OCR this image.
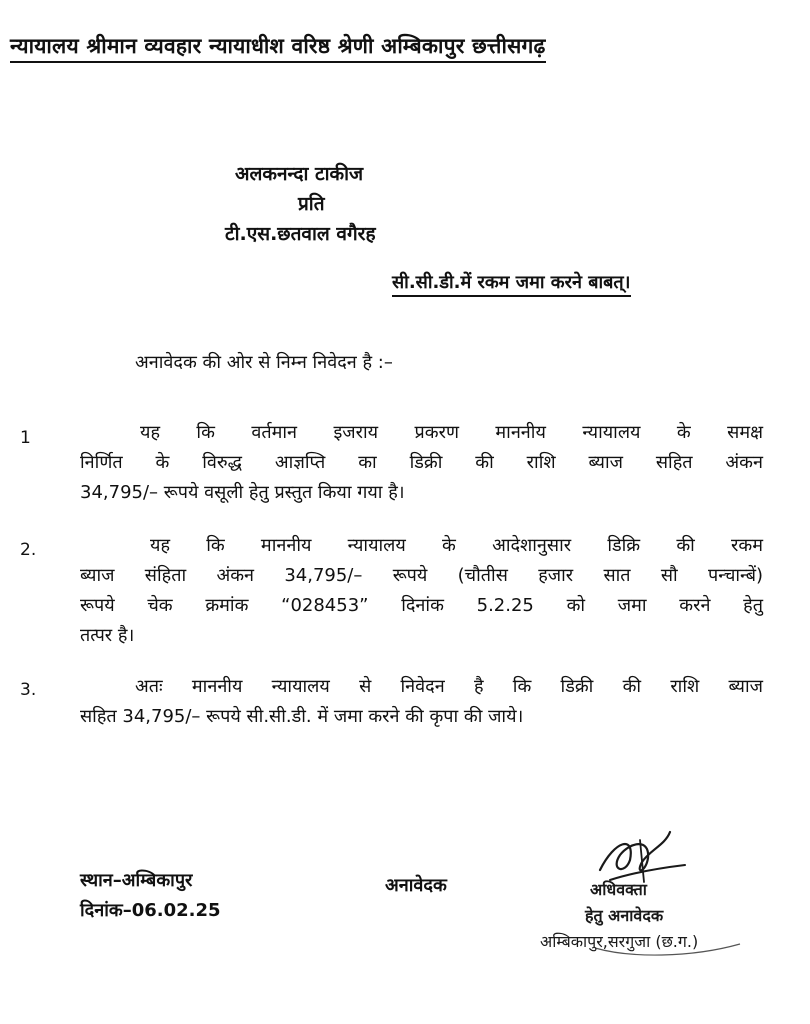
न्यायालय श्रीमान व्यवहार न्यायाधीश वरिष्ठ श्रेणी अम्बिकापुर छत्तीसगढ़
अलकनन्दा टाकीज
प्रति
टी.एस.छतवाल वगैरह
सी.सी.डी.में रकम जमा करने बाबत्।
अनावेदक की ओर से निम्न निवेदन है :–
1	यह कि वर्तमान इजराय प्रकरण माननीय न्यायालय के समक्ष
निर्णित के विरुद्ध आज्ञप्ति का डिक्री की राशि ब्याज सहित अंकन
34,795/– रूपये वसूली हेतु प्रस्तुत किया गया है।
2.	यह कि माननीय न्यायालय के आदेशानुसार डिक्रि की रकम
ब्याज संहिता अंकन 34,795/– रूपये (चौतीस हजार सात सौ पन्चान्बें)
रूपये चेक क्रमांक “028453” दिनांक 5.2.25 को जमा करने हेतु
तत्पर है।
3.	अतः माननीय न्यायालय से निवेदन है कि डिक्री की राशि ब्याज
सहित 34,795/– रूपये सी.सी.डी. में जमा करने की कृपा की जाये।
स्थान–अम्बिकापुर
दिनांक–06.02.25
अनावेदक	अधिवक्ता
हेतु अनावेदक
अम्बिकापुर,सरगुजा (छ.ग.)
